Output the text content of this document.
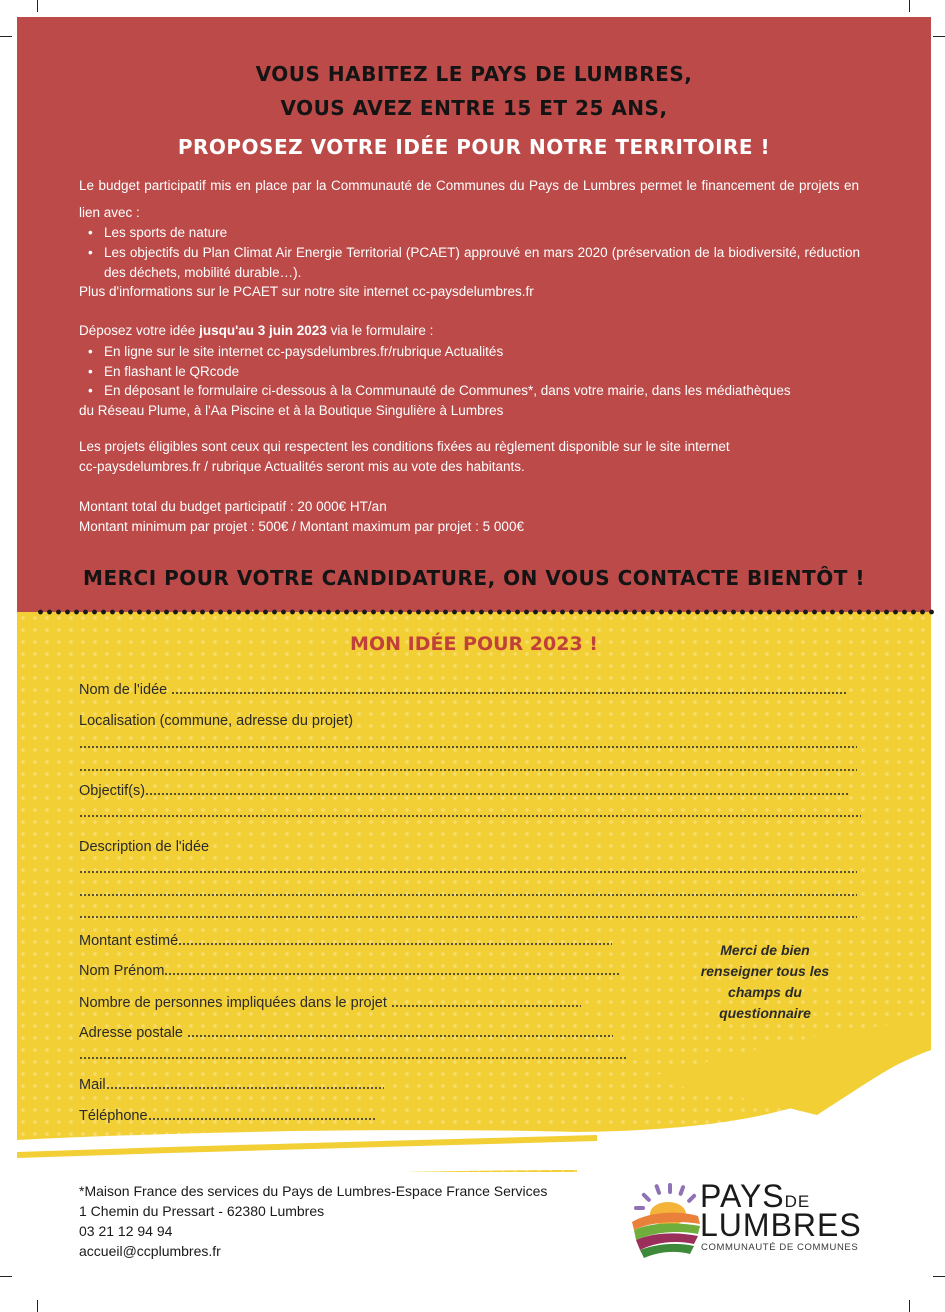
VOUS HABITEZ LE PAYS DE LUMBRES,
VOUS AVEZ ENTRE 15 ET 25 ANS,
PROPOSEZ VOTRE IDÉE POUR NOTRE TERRITOIRE !
Le budget participatif mis en place par la Communauté de Communes du Pays de Lumbres permet le financement de projets en lien avec :
• Les sports de nature
• Les objectifs du Plan Climat Air Energie Territorial (PCAET) approuvé en mars 2020 (préservation de la biodiversité, réduction des déchets, mobilité durable…).
Plus d'informations sur le PCAET sur notre site internet cc-paysdelumbres.fr
Déposez votre idée jusqu'au 3 juin 2023 via le formulaire :
• En ligne sur le site internet cc-paysdelumbres.fr/rubrique Actualités
• En flashant le QRcode
• En déposant le formulaire ci-dessous à la Communauté de Communes*, dans votre mairie, dans les médiathèques
du Réseau Plume, à l'Aa Piscine et à la Boutique Singulière à Lumbres
Les projets éligibles sont ceux qui respectent les conditions fixées au règlement disponible sur le site internet
cc-paysdelumbres.fr / rubrique Actualités seront mis au vote des habitants.
Montant total du budget participatif : 20 000€ HT/an
Montant minimum par projet : 500€ / Montant maximum par projet : 5 000€
MERCI POUR VOTRE CANDIDATURE, ON VOUS CONTACTE BIENTÔT !
MON IDÉE POUR 2023 !
Nom de l'idée
Localisation (commune, adresse du projet)
Objectif(s)
Description de l'idée
Montant estimé
Nom Prénom
Nombre de personnes impliquées dans le projet
Adresse postale
Mail
Téléphone
Merci de bien renseigner tous les champs du questionnaire
*Maison France des services du Pays de Lumbres-Espace France Services
1 Chemin du Pressart - 62380 Lumbres
03 21 12 94 94
accueil@ccplumbres.fr
PAYSDE
LUMBRES
COMMUNAUTÉ DE COMMUNES
